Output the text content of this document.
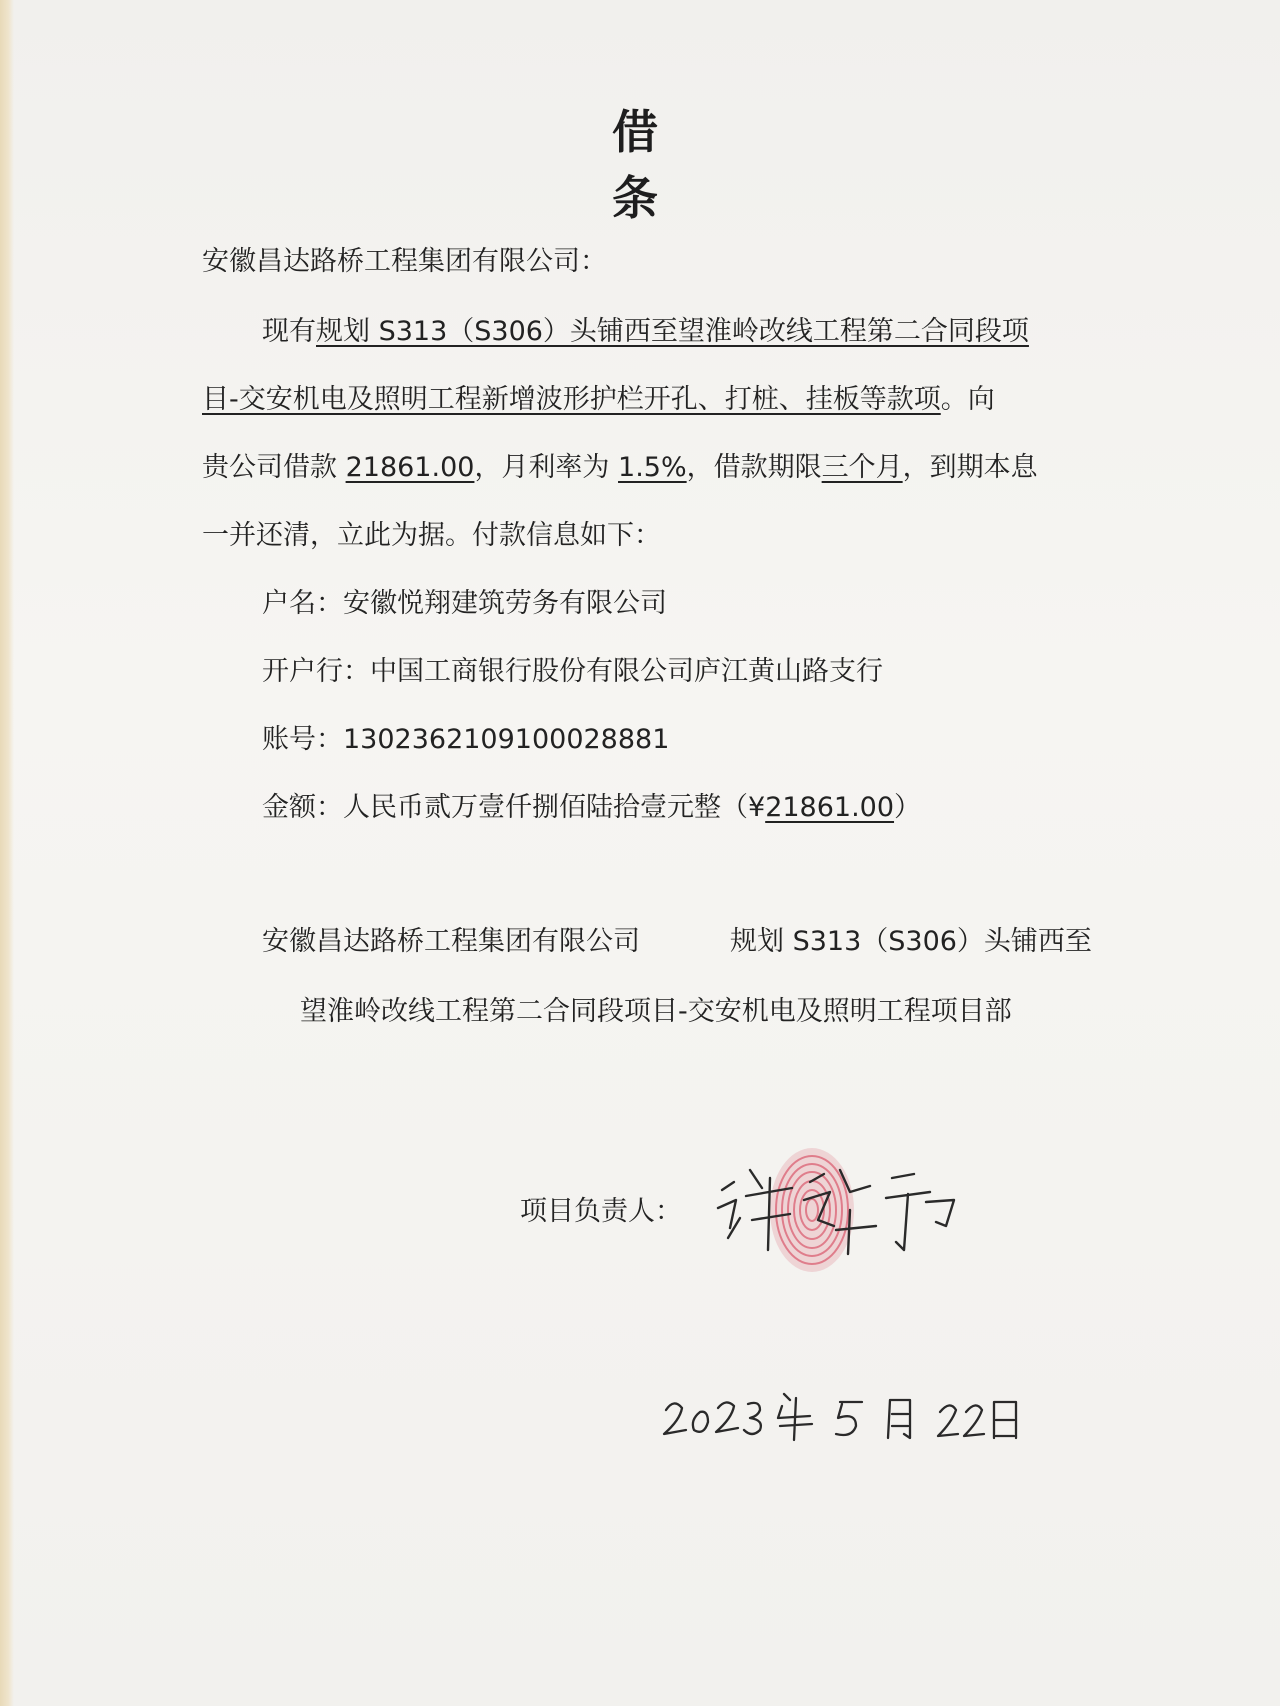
借　条
安徽昌达路桥工程集团有限公司：
现有规划 S313（S306）头铺西至望淮岭改线工程第二合同段项
目-交安机电及照明工程新增波形护栏开孔、打桩、挂板等款项。向
贵公司借款 21861.00，月利率为 1.5%，借款期限三个月，到期本息
一并还清，立此为据。付款信息如下：
户名：安徽悦翔建筑劳务有限公司
开户行：中国工商银行股份有限公司庐江黄山路支行
账号：1302362109100028881
金额：人民币贰万壹仟捌佰陆拾壹元整（¥21861.00）
安徽昌达路桥工程集团有限公司	规划 S313（S306）头铺西至
望淮岭改线工程第二合同段项目-交安机电及照明工程项目部
项目负责人：
